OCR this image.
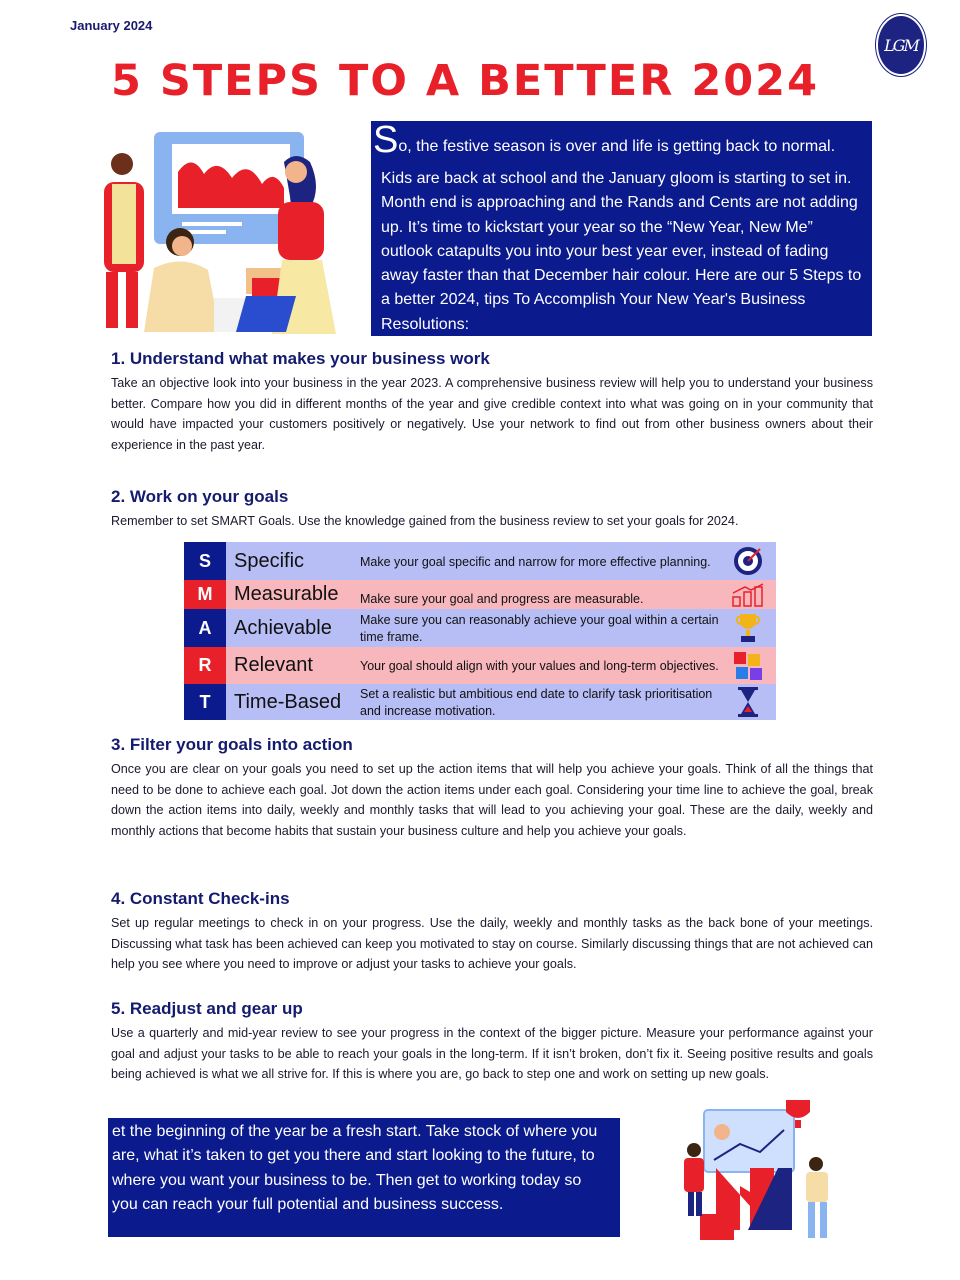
January 2024
LGM
5 STEPS TO A BETTER 2024
S o, the festive season is over and life is getting back to normal.
Kids are back at school and the January gloom is starting to set in. Month end is approaching and the Rands and Cents are not adding up. It’s time to kickstart your year so the “New Year, New Me” outlook catapults you into your best year ever, instead of fading away faster than that December hair colour. Here are our 5 Steps to a better 2024, tips To Accomplish Your New Year's Business Resolutions:
1. Understand what makes your business work

Take an objective look into your business in the year 2023. A comprehensive business review will help you to understand your business better. Compare how you did in different months of the year and give credible context into what was going on in your community that would have impacted your customers positively or negatively. Use your network to find out from other business owners about their experience in the past year.

2. Work on your goals

Remember to set SMART Goals. Use the knowledge gained from the business review to set your goals for 2024.

S	Specific	Make your goal specific and narrow for more effective planning.
M	Measurable	Make sure your goal and progress are measurable.
A	Achievable	Make sure you can reasonably achieve your goal within a certain time frame.
R	Relevant	Your goal should align with your values and long-term objectives.
T	Time-Based	Set a realistic but ambitious end date to clarify task prioritisation and increase motivation.
3. Filter your goals into action

Once you are clear on your goals you need to set up the action items that will help you achieve your goals. Think of all the things that need to be done to achieve each goal. Jot down the action items under each goal. Considering your time line to achieve the goal, break down the action items into daily, weekly and monthly tasks that will lead to you achieving your goal. These are the daily, weekly and monthly actions that become habits that sustain your business culture and help you achieve your goals.

4. Constant Check-ins

Set up regular meetings to check in on your progress. Use the daily, weekly and monthly tasks as the back bone of your meetings. Discussing what task has been achieved can keep you motivated to stay on course. Similarly discussing things that are not achieved can help you see where you need to improve or adjust your tasks to achieve your goals.

5. Readjust and gear up

Use a quarterly and mid-year review to see your progress in the context of the bigger picture. Measure your performance against your goal and adjust your tasks to be able to reach your goals in the long-term. If it isn’t broken, don’t fix it. Seeing positive results and goals being achieved is what we all strive for. If this is where you are, go back to step one and work on setting up new goals.

et the beginning of the year be a fresh start. Take stock of where you are, what it’s taken to get you there and start looking to the future, to where you want your business to be. Then get to working today so you can reach your full potential and business success.
